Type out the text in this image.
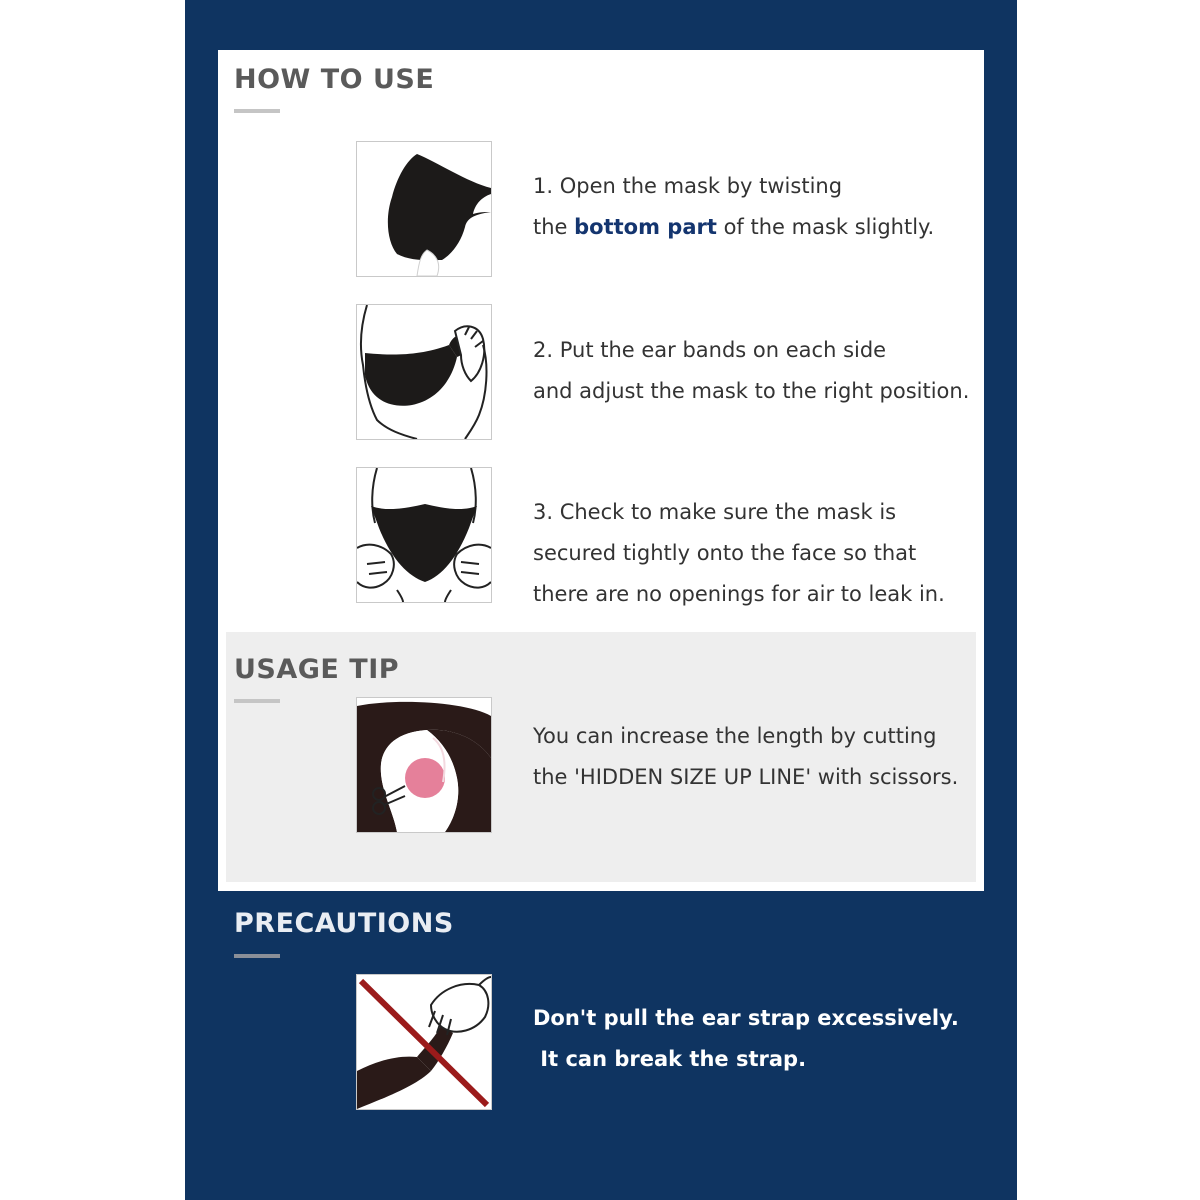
HOW TO USE
1. Open the mask by twisting
the bottom part of the mask slightly.
2. Put the ear bands on each side
and adjust the mask to the right position.
3. Check to make sure the mask is
secured tightly onto the face so that
there are no openings for air to leak in.
USAGE TIP
You can increase the length by cutting
the 'HIDDEN SIZE UP LINE' with scissors.
PRECAUTIONS
Don't pull the ear strap excessively.
It can break the strap.
